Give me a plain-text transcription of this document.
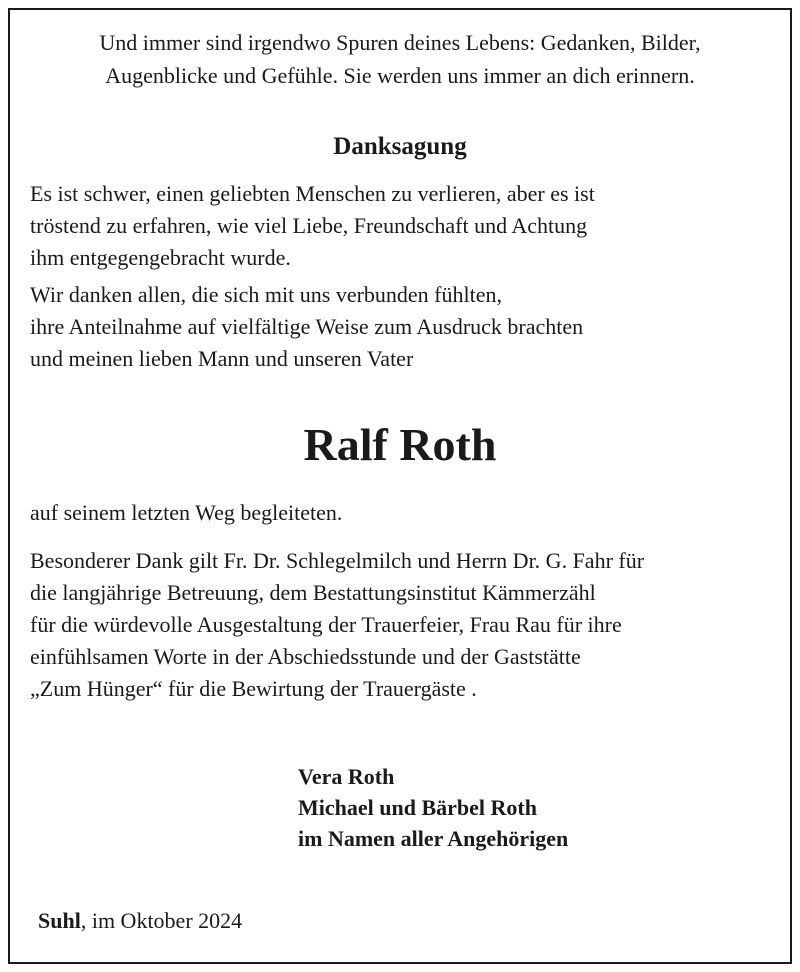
Und immer sind irgendwo Spuren deines Lebens: Gedanken, Bilder,
Augenblicke und Gefühle. Sie werden uns immer an dich erinnern.
Danksagung

Es ist schwer, einen geliebten Menschen zu verlieren, aber es ist
tröstend zu erfahren, wie viel Liebe, Freundschaft und Achtung
ihm entgegengebracht wurde.

Wir danken allen, die sich mit uns verbunden fühlten,
ihre Anteilnahme auf vielfältige Weise zum Ausdruck brachten
und meinen lieben Mann und unseren Vater

Ralf Roth

auf seinem letzten Weg begleiteten.

Besonderer Dank gilt Fr. Dr. Schlegelmilch und Herrn Dr. G. Fahr für
die langjährige Betreuung, dem Bestattungsinstitut Kämmerzähl
für die würdevolle Ausgestaltung der Trauerfeier, Frau Rau für ihre
einfühlsamen Worte in der Abschiedsstunde und der Gaststätte
„Zum Hünger“ für die Bewirtung der Trauergäste .

Vera Roth
Michael und Bärbel Roth
im Namen aller Angehörigen
Suhl, im Oktober 2024
